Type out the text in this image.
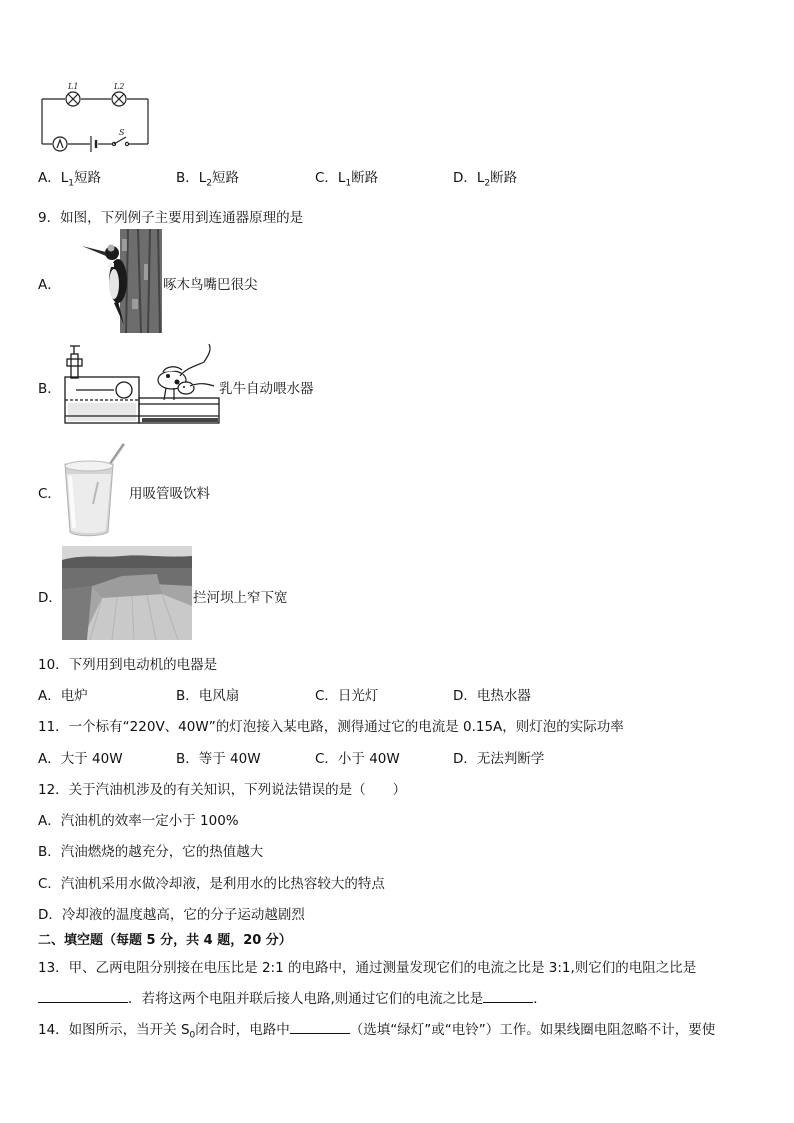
L1	L2
S
A．$L_1$短路	B．$L_2$短路	C．$L_1$断路	D．$L_2$断路
9．如图，下列例子主要用到连通器原理的是
A．	啄木鸟嘴巴很尖
B．	乳牛自动喂水器
C．	用吸管吸饮料
D．	拦河坝上窄下宽
10．下列用到电动机的电器是
A．电炉	B．电风扇	C．日光灯	D．电热水器
11．一个标有“220V、40W”的灯泡接入某电路，测得通过它的电流是 0.15A，则灯泡的实际功率
A．大于 40W	B．等于 40W	C．小于 40W	D．无法判断学
12．关于汽油机涉及的有关知识，下列说法错误的是（　　）
A．汽油机的效率一定小于 100%
B．汽油燃烧的越充分，它的热值越大
C．汽油机采用水做冷却液，是利用水的比热容较大的特点
D．冷却液的温度越高，它的分子运动越剧烈
二、填空题（每题 5 分，共 4 题，20 分）
13．甲、乙两电阻分别接在电压比是 2:1 的电路中，通过测量发现它们的电流之比是 3:1,则它们的电阻之比是
．若将这两个电阻并联后接人电路,则通过它们的电流之比是	．
14．如图所示，当开关 $S_0$闭合时，电路中	（选填“绿灯”或“电铃”）工作。如果线圈电阻忽略不计，要使
